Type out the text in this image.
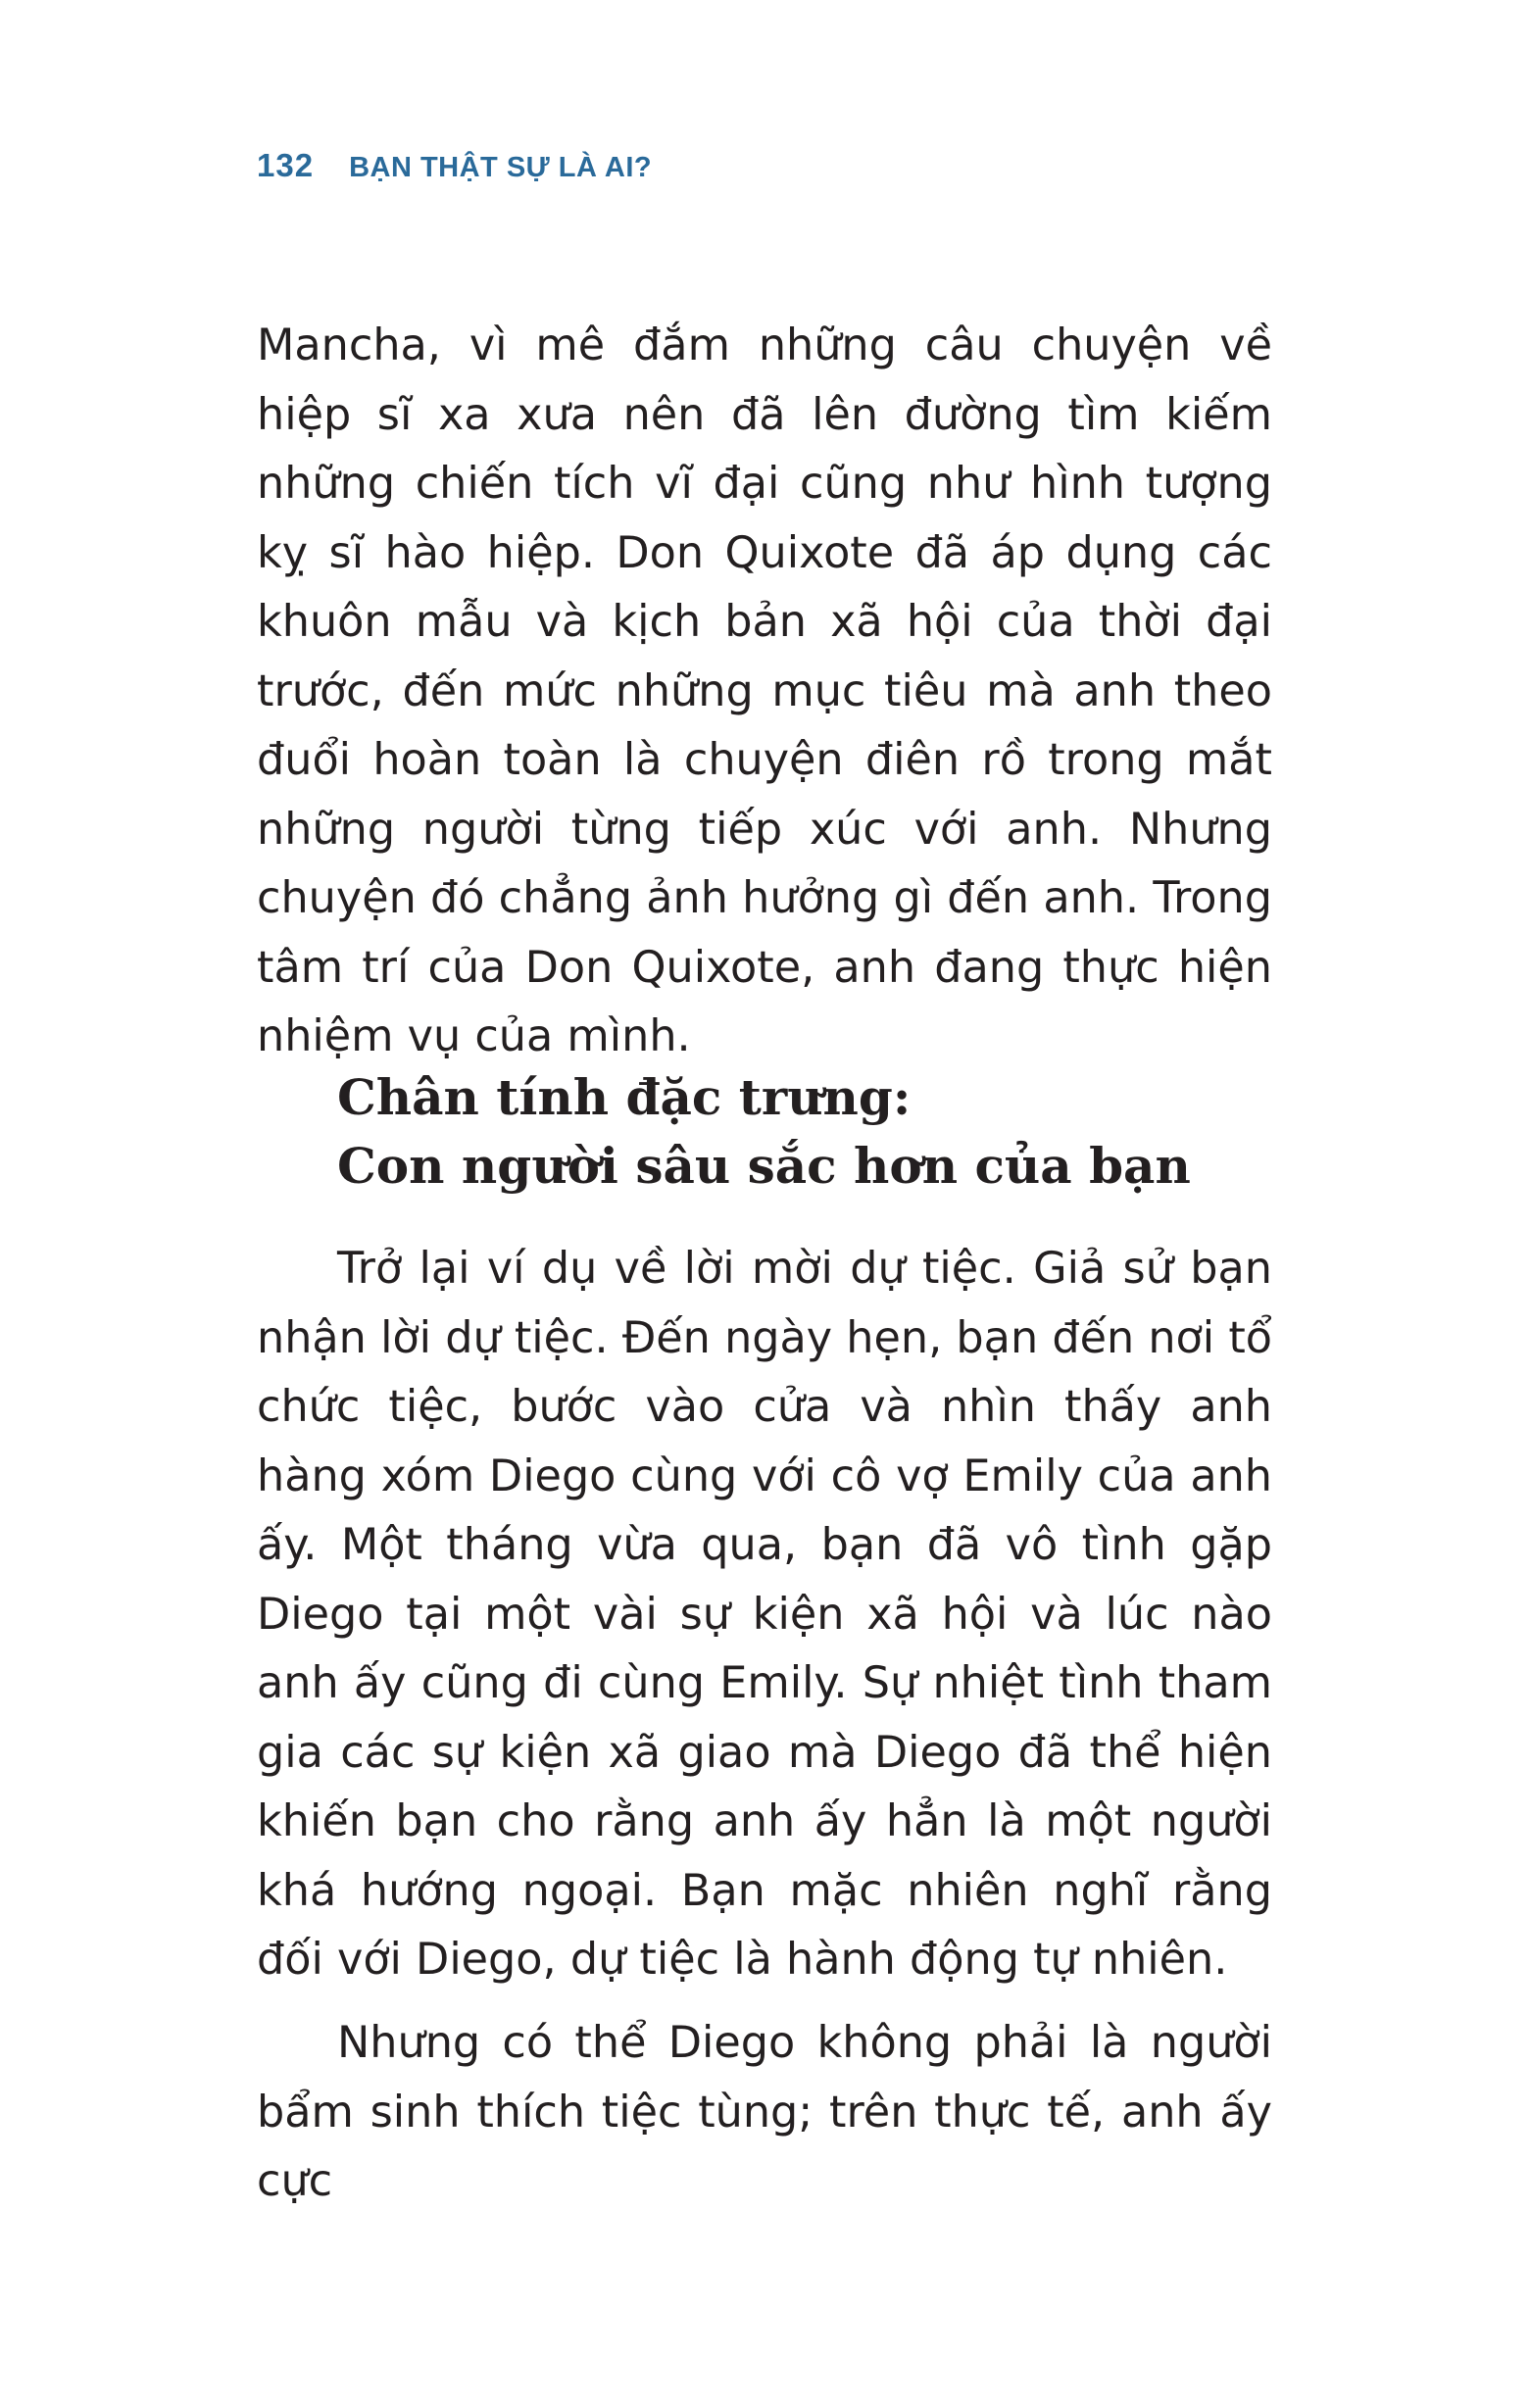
132 BẠN THẬT SỰ LÀ AI?

Mancha, vì mê đắm những câu chuyện về hiệp sĩ xa xưa nên đã lên đường tìm kiếm những chiến tích vĩ đại cũng như hình tượng kỵ sĩ hào hiệp. Don Quixote đã áp dụng các khuôn mẫu và kịch bản xã hội của thời đại trước, đến mức những mục tiêu mà anh theo đuổi hoàn toàn là chuyện điên rồ trong mắt những người từng tiếp xúc với anh. Nhưng chuyện đó chẳng ảnh hưởng gì đến anh. Trong tâm trí của Don Quixote, anh đang thực hiện nhiệm vụ của mình.

Chân tính đặc trưng:
Con người sâu sắc hơn của bạn

Trở lại ví dụ về lời mời dự tiệc. Giả sử bạn nhận lời dự tiệc. Đến ngày hẹn, bạn đến nơi tổ chức tiệc, bước vào cửa và nhìn thấy anh hàng xóm Diego cùng với cô vợ Emily của anh ấy. Một tháng vừa qua, bạn đã vô tình gặp Diego tại một vài sự kiện xã hội và lúc nào anh ấy cũng đi cùng Emily. Sự nhiệt tình tham gia các sự kiện xã giao mà Diego đã thể hiện khiến bạn cho rằng anh ấy hẳn là một người khá hướng ngoại. Bạn mặc nhiên nghĩ rằng đối với Diego, dự tiệc là hành động tự nhiên.

Nhưng có thể Diego không phải là người bẩm sinh thích tiệc tùng; trên thực tế, anh ấy cực
